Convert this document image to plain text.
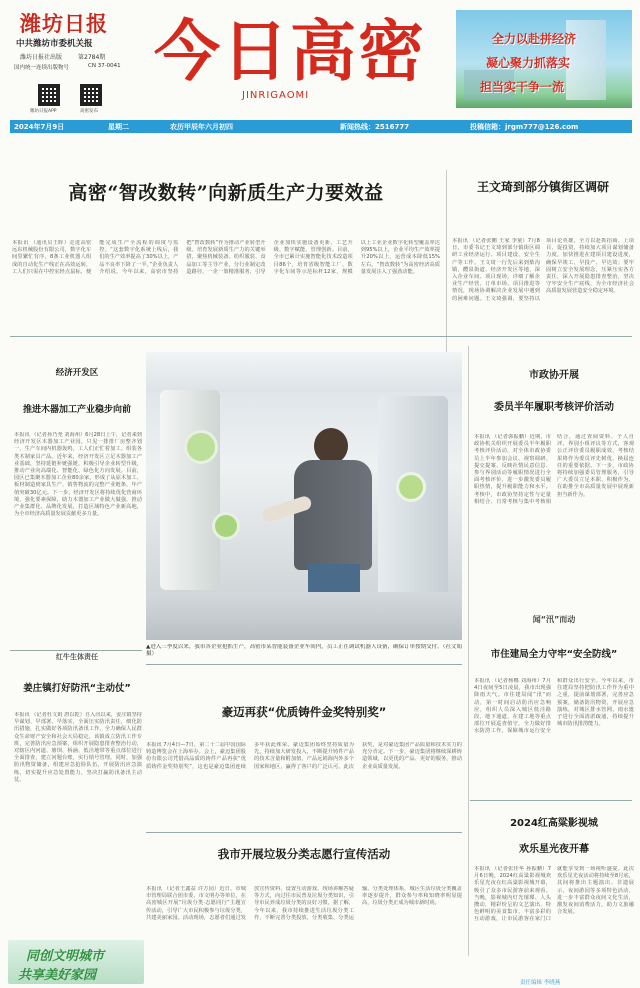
潍坊日报
中共潍坊市委机关报
潍坊日报社出版	第2784期
国内统一连续出版物号	CN 37-0041
潍坊日报APP	高密发布
今日高密
JINRIGAOMI
全力以赴拼经济
凝心聚力抓落实
担当实干争一流
2024年7月9日	星期二	农历甲辰年六月初四	新闻热线：2516777	投稿信箱：jrgm777@126.com
高密“智改数转”向新质生产力要效益
本报讯 （通讯员王晖）走进高密远东机械股份有限公司，数字化车间里繁忙有序，8条工业机器人组成的自动化生产线正在高效运转，工人们只需在中控室轻点鼠标，便能完成生产全流程的调度与监控。“这套数字化系统上线后，我们的生产效率提高了30%以上，产品不良率下降了一半。”企业负责人介绍说。今年以来，高密市坚持把“智改数转”作为推动产业转型升级、培育发展新质生产力的关键举措，聚焦机械装备、纺织服装、食品加工等主导产业，分行业制定改造路径，一企一策精准服务，引导企业加快实施设备更新、工艺升级、数字赋能、管理创新。目前，全市已累计实施智能化技术改造项目86个，培育省级智能工厂、数字化车间等示范标杆12家，规模以上工业企业数字化转型覆盖率达到95%以上，企业平均生产效率提升20%以上，运营成本降低15%左右。“智改数转”为高密经济高质量发展注入了强劲动能。
王文琦到部分镇街区调研
本报讯 （记者张鹏 王家 李童）7月8日，市委书记王文琦到部分镇街区调研工业经济运行、项目建设、安全生产等工作。王文琦一行先后来到柴沟镇、醴泉街道、经济开发区等地，深入企业车间、项目现场，详细了解企业生产经营、订单市场、项目推进等情况，现场协调解决企业发展中遇到的困难问题。王文琦强调，要坚持以项目论英雄，全力以赴抓招商、上项目、促投资，持续加大项目谋划储备力度，加快推进在建项目建设进度，确保早竣工、早投产、早达效；要牢固树立安全发展理念，压紧压实各方责任，深入开展隐患排查整治，坚决守牢安全生产底线，为全市经济社会高质量发展营造安全稳定环境。
经济开发区
推进木器加工产业稳步向前
本报讯 （记者孙乃尧 刘海州）6月28日上午，记者来到经济开发区木器加工产业园，只见一排排厂房整齐划一，生产车间内机器轰鸣，工人们正忙着加工、组装各类木制家具产品。近年来，经济开发区立足木器加工产业基础，坚持延链补链强链，积极引导企业转型升级，推动产业向高端化、智能化、绿色化方向发展。目前，园区已集聚木器加工企业80余家，形成了从原木加工、板材制造到家具生产、销售物流的完整产业链条，年产值突破30亿元。下一步，经济开发区将持续优化营商环境，强化要素保障，助力木器加工产业做大做强，推动产业集群化、品牌化发展，打造区域特色产业新高地，为全市经济高质量发展贡献更多力量。
▲进入三季度以来，我市各企业抢抓生产，高密市某智能装备企业车间内，员工正在调试机器人设备，确保订单按期交付。（社文娟摄）
市政协开展
委员半年履职考核评价活动
本报讯 （记者郭振鹏）近期，市政协机关组织开展委员半年履职考核评价活动，对全体市政协委员上半年参加会议、视察调研、提交提案、反映社情民意信息、参与界别活动等履职情况进行全面考核评价，进一步激发委员履职热情，提升履职能力和水平。考核中，市政协坚持定性与定量相结合、日常考核与集中考核相结合，通过查阅资料、个人自评、界别小组评议等方式，客观公正评价委员履职成效，考核结果将作为委员评先树优、换届连任的重要依据。下一步，市政协将持续加强委员管理服务，引导广大委员立足本职、积极作为，在助推全市高质量发展中展现新担当新作为。
闻“汛”而动
市住建局全力守牢“安全防线”
本报讯 （记者杨娜 刘海州）7月4日夜间至5日凌晨，我市出现强降雨天气。市住建局闻“汛”而动，第一时间启动防汛应急响应，组织人员深入城区低洼路段、地下通道、在建工地等重点部位开展巡查值守，全力做好排水防涝工作，保障城市运行安全和群众出行安全。今年以来，市住建局坚持把防汛工作作为重中之重，提前谋划部署，完善应急预案，储备防汛物资，开展应急演练，对城区排水管网、雨水篦子进行全面清淤疏通，持续提升城市防汛排涝能力。
2024红高粱影视城
欢乐星光夜开幕
本报讯 （记者张佳华 孙振鹏）7月6日晚，2024红高粱影视城欢乐星光夜在红高粱影视城开幕，吸引了众多市民游客前来观看。当晚，影视城内灯光璀璨、人头攒动，精彩纷呈的文艺演出、特色鲜明的美食集市、丰富多彩的互动游戏，让市民游客在家门口就能享受到一场视听盛宴。此次欢乐星光夜活动将持续至8月底，其间将推出主题演出、非遗展示、夜间游园等多项特色活动，进一步丰富群众夜间文化生活，激发夜间消费活力，助力文旅融合发展。
红牛生体责任
姜庄镇打好防汛“主动仗”
本报讯 （记者杜文娟 唐以乾）自入汛以来，姜庄镇坚持早谋划、早部署、早落实，全面压实防汛责任，细化防汛措施，扎实做好各项防汛备汛工作，全力确保人民群众生命财产安全和社会大局稳定。该镇成立防汛工作专班，完善防汛应急预案，组织开展隐患排查整治行动，对辖区内河道、塘坝、桥涵、低洼地带等重点部位进行全面排查，建立问题台账，实行销号管理。同时，加强防汛物资储备，组建应急抢险队伍，开展防汛应急演练，切实提升应急处置能力，坚决打赢防汛备汛主动仗。
豪迈再获“优质铸件金奖特别奖”
本报讯 7月4日—7日，第二十二届中国国际铸造博览会在上海举办。会上，豪迈集团股份有限公司凭借高品质的铸件产品再获“优质铸件金奖特别奖”，这也是豪迈集团连续多年获此殊荣。豪迈集团始终坚持质量为先，持续加大研发投入，不断提升铸件产品的技术含量和附加值，产品远销海内外多个国家和地区，赢得了客户的广泛认可。此次获奖，是对豪迈集团产品质量和技术实力的充分肯定。下一步，豪迈集团将继续深耕铸造领域，以更优的产品、更好的服务，推动企业高质量发展。
我市开展垃圾分类志愿行宣传活动
本报讯 （记者王鑫益 许方园）近日，市城市管理局联合团市委、市文明办等单位，在高密城区开展“垃圾分类·志愿同行”主题宣传活动，引导广大市民积极参与垃圾分类，共建美丽家园。活动现场，志愿者们通过发放宣传资料、设置互动游戏、现场讲解答疑等方式，向过往市民普及垃圾分类知识，引导市民养成垃圾分类的良好习惯。据了解，今年以来，我市持续推进生活垃圾分类工作，不断完善分类投放、分类收集、分类运输、分类处理体系，城区生活垃圾分类覆盖率逐步提升，群众参与率和知晓率明显提高，垃圾分类正成为城市新时尚。
同创文明城市
共享美好家园	责任编辑 李晓燕
